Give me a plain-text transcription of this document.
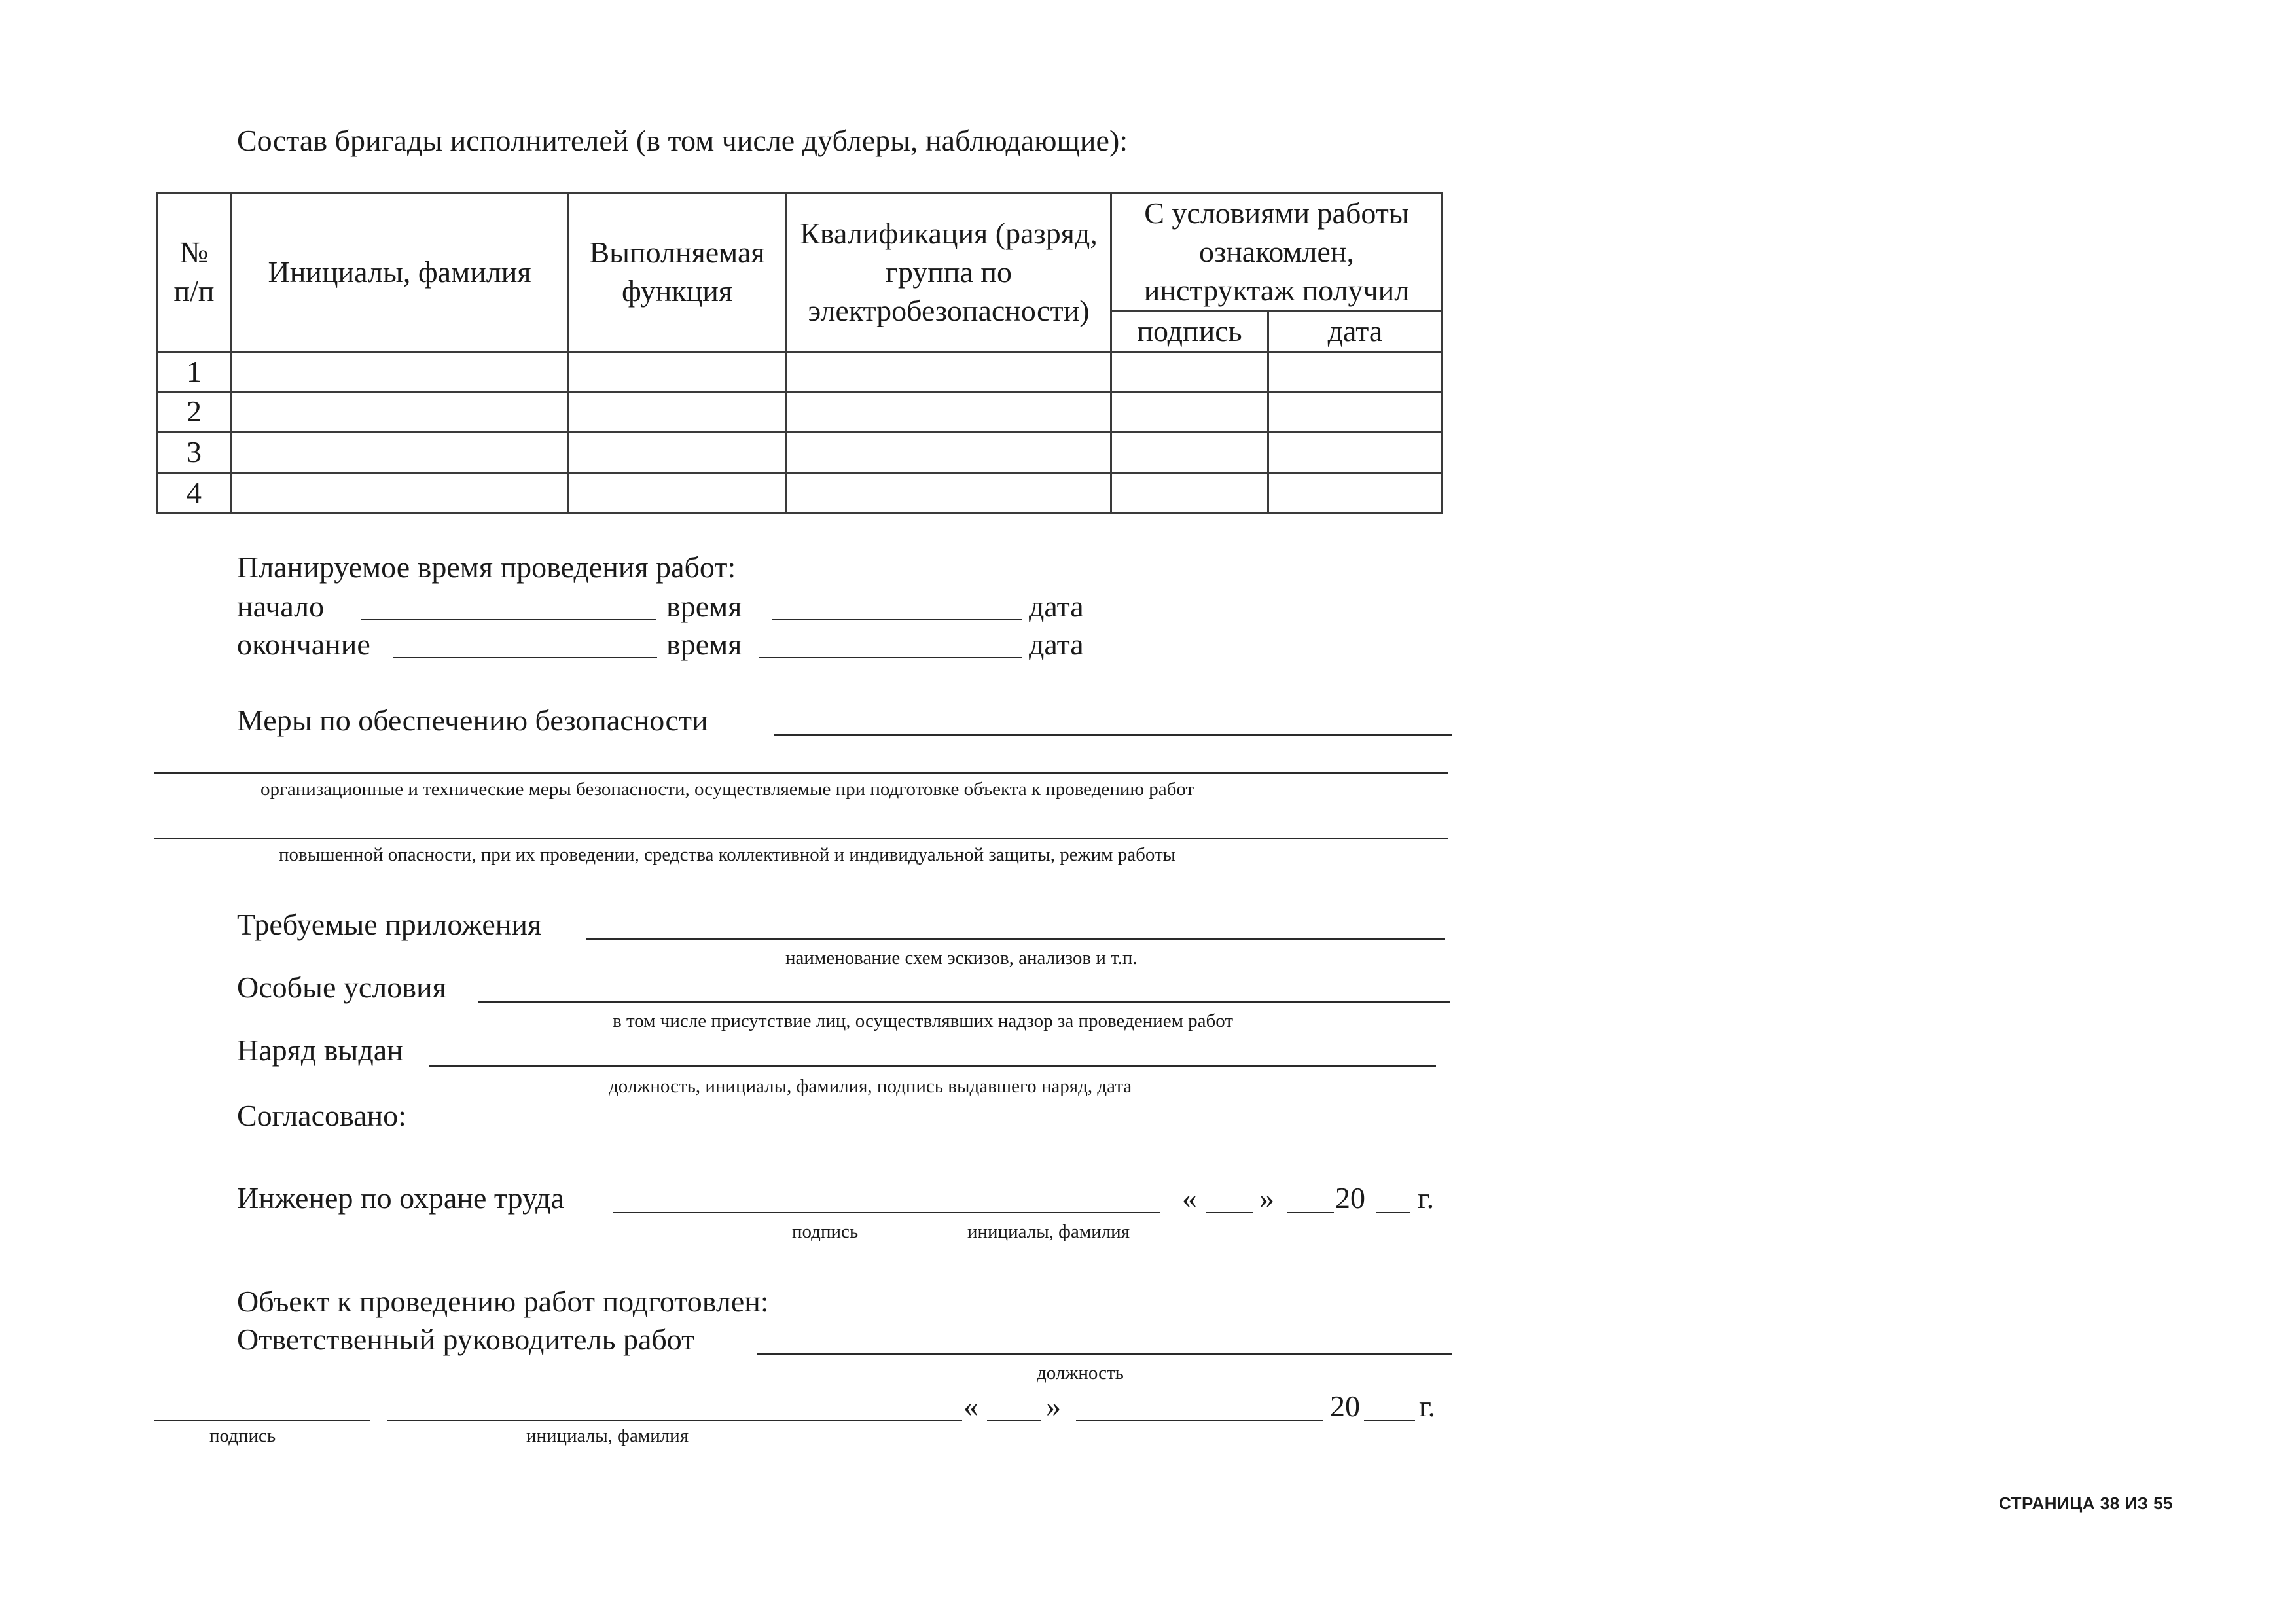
Состав бригады исполнителей (в том числе дублеры, наблюдающие):
№ п/п	Инициалы, фамилия	Выполняемая функция	Квалификация (разряд, группа по электробезопасности)	С условиями работы ознакомлен, инструктаж получил	
				подпись	дата
1					
2					
3					
4					
Планируемое время проведения работ:
начало	время	дата
окончание	время	дата
Меры по обеспечению безопасности
организационные и технические меры безопасности, осуществляемые при подготовке объекта к проведению работ
повышенной опасности, при их проведении, средства коллективной и индивидуальной защиты, режим работы
Требуемые приложения
наименование схем эскизов, анализов и т.п.
Особые условия
в том числе присутствие лиц, осуществлявших надзор за проведением работ
Наряд выдан
должность, инициалы, фамилия, подпись выдавшего наряд, дата
Согласовано:
Инженер по охране труда	« » 20 г.
подпись	инициалы, фамилия
Объект к проведению работ подготовлен:
Ответственный руководитель работ
должность
« »	20 г.
подпись	инициалы, фамилия
СТРАНИЦА 38 ИЗ 55
